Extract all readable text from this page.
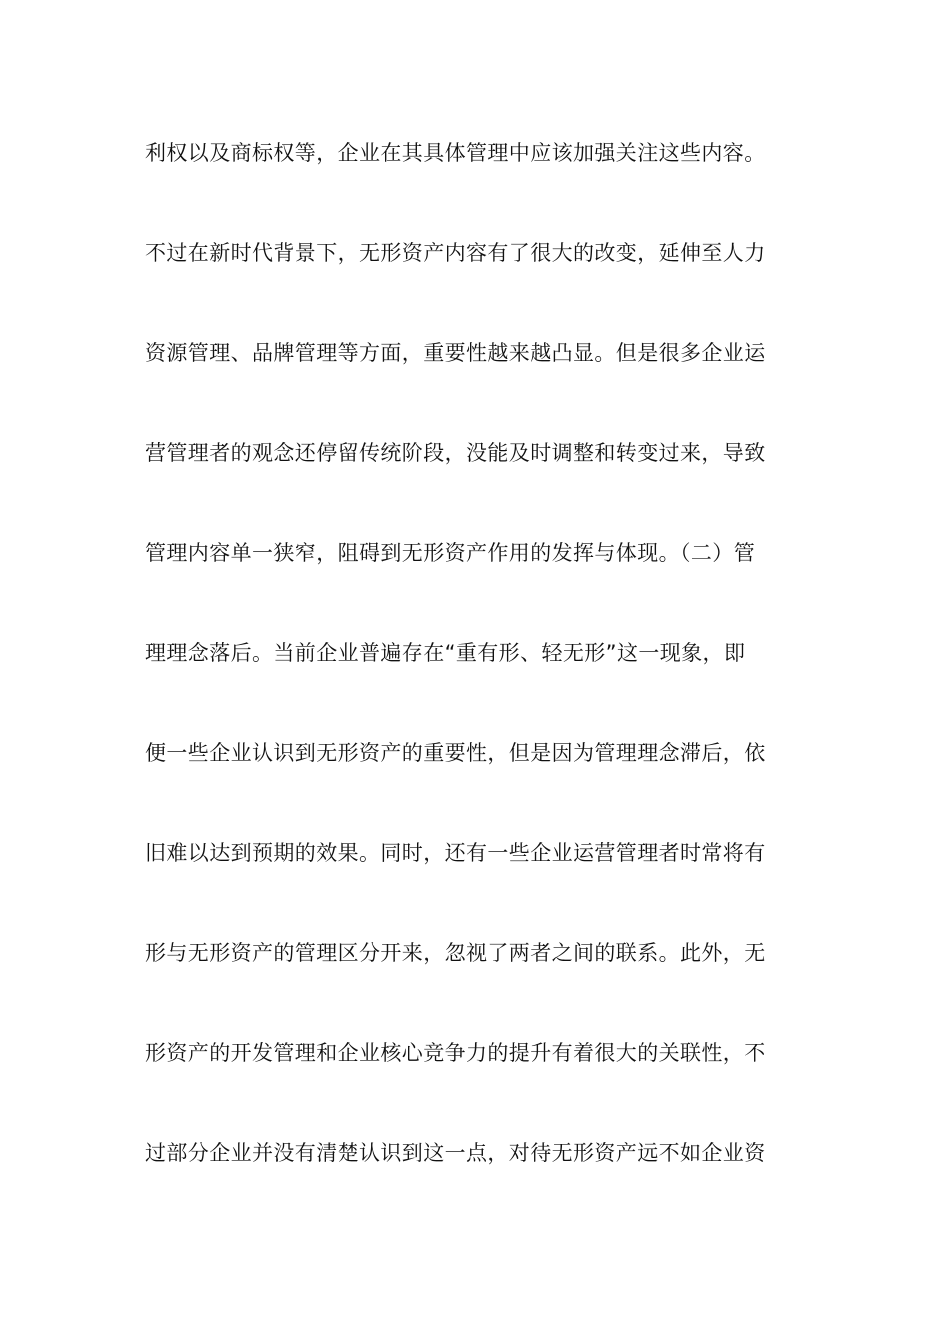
利权以及商标权等，企业在其具体管理中应该加强关注这些内容。
不过在新时代背景下，无形资产内容有了很大的改变，延伸至人力
资源管理、品牌管理等方面，重要性越来越凸显。但是很多企业运
营管理者的观念还停留传统阶段，没能及时调整和转变过来，导致
管理内容单一狭窄，阻碍到无形资产作用的发挥与体现。（二）管
理理念落后。当前企业普遍存在“重有形、轻无形”这一现象，即
便一些企业认识到无形资产的重要性，但是因为管理理念滞后，依
旧难以达到预期的效果。同时，还有一些企业运营管理者时常将有
形与无形资产的管理区分开来，忽视了两者之间的联系。此外，无
形资产的开发管理和企业核心竞争力的提升有着很大的关联性，不
过部分企业并没有清楚认识到这一点，对待无形资产远不如企业资
